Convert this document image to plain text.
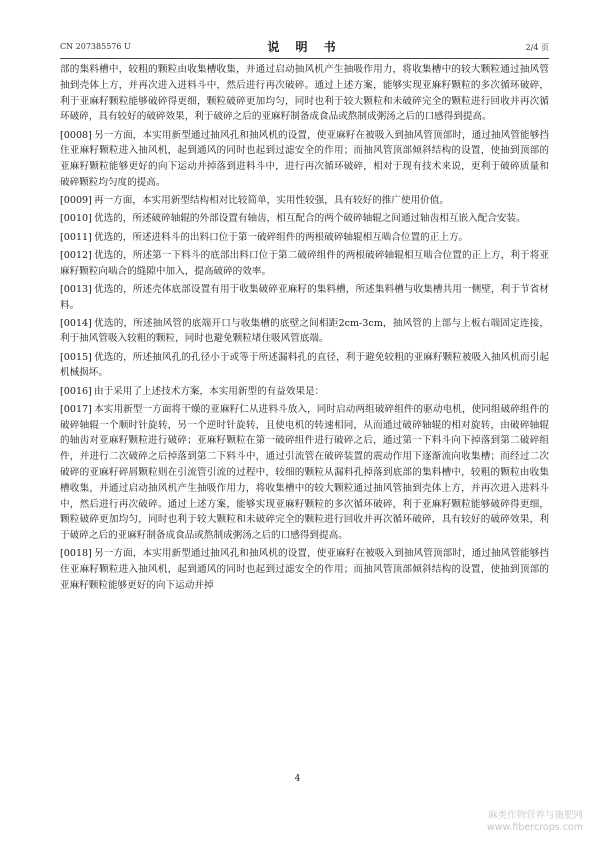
CN 207385576 U	说 明 书	2/4 页

部的集料槽中，较粗的颗粒由收集槽收集，并通过启动抽风机产生抽吸作用力，将收集槽中的较大颗粒通过抽风管抽到壳体上方，并再次进入进料斗中，然后进行再次破碎。通过上述方案，能够实现亚麻籽颗粒的多次循环破碎，利于亚麻籽颗粒能够破碎得更细，颗粒破碎更加均匀，同时也利于较大颗粒和未破碎完全的颗粒进行回收并再次循环破碎，具有较好的破碎效果，利于破碎之后的亚麻籽制备成食品或熬制成粥汤之后的口感得到提高。

[0008] 另一方面，本实用新型通过抽风孔和抽风机的设置，使亚麻籽在被吸入到抽风管顶部时，通过抽风管能够挡住亚麻籽颗粒进入抽风机，起到通风的同时也起到过滤安全的作用；而抽风管顶部倾斜结构的设置，使抽到顶部的亚麻籽颗粒能够更好的向下运动并掉落到进料斗中，进行再次循环破碎，相对于现有技术来说，更利于破碎质量和破碎颗粒均匀度的提高。

[0009] 再一方面，本实用新型结构相对比较简单，实用性较强，具有较好的推广使用价值。

[0010] 优选的，所述破碎轴辊的外部设置有轴齿，相互配合的两个破碎轴辊之间通过轴齿相互嵌入配合安装。

[0011] 优选的，所述进料斗的出料口位于第一破碎组件的两根破碎轴辊相互啮合位置的正上方。

[0012] 优选的，所述第一下料斗的底部出料口位于第二破碎组件的两根破碎轴辊相互啮合位置的正上方，利于将亚麻籽颗粒向啮合的缝隙中加入，提高破碎的效率。

[0013] 优选的，所述壳体底部设置有用于收集破碎亚麻籽的集料槽，所述集料槽与收集槽共用一侧壁，利于节省材料。

[0014] 优选的，所述抽风管的底端开口与收集槽的底壁之间相距2cm-3cm，抽风管的上部与上板右端固定连接，利于抽风管吸入较粗的颗粒，同时也避免颗粒堵住吸风管底端。

[0015] 优选的，所述抽风孔的孔径小于或等于所述漏料孔的直径，利于避免较粗的亚麻籽颗粒被吸入抽风机而引起机械损坏。

[0016] 由于采用了上述技术方案，本实用新型的有益效果是：

[0017] 本实用新型一方面将干燥的亚麻籽仁从进料斗放入，同时启动两组破碎组件的驱动电机，使同组破碎组件的破碎轴辊一个顺时针旋转，另一个逆时针旋转，且使电机的转速相同，从而通过破碎轴辊的相对旋转，由破碎轴辊的轴齿对亚麻籽颗粒进行破碎；亚麻籽颗粒在第一破碎组件进行破碎之后，通过第一下料斗向下掉落到第二破碎组件，并进行二次破碎之后掉落到第二下料斗中，通过引流管在破碎装置的震动作用下逐渐流向收集槽；而经过二次破碎的亚麻籽碎屑颗粒则在引流管引流的过程中，较细的颗粒从漏料孔掉落到底部的集料槽中，较粗的颗粒由收集槽收集，并通过启动抽风机产生抽吸作用力，将收集槽中的较大颗粒通过抽风管抽到壳体上方，并再次进入进料斗中，然后进行再次破碎。通过上述方案，能够实现亚麻籽颗粒的多次循环破碎，利于亚麻籽颗粒能够破碎得更细，颗粒破碎更加均匀，同时也利于较大颗粒和未破碎完全的颗粒进行回收并再次循环破碎，具有较好的破碎效果，利于破碎之后的亚麻籽制备成食品或熬制成粥汤之后的口感得到提高。

[0018] 另一方面，本实用新型通过抽风孔和抽风机的设置，使亚麻籽在被吸入到抽风管顶部时，通过抽风管能够挡住亚麻籽颗粒进入抽风机，起到通风的同时也起到过滤安全的作用；而抽风管顶部倾斜结构的设置，使抽到顶部的亚麻籽颗粒能够更好的向下运动并掉

4
麻类作物营养与施肥网
www.fibercrops.com
